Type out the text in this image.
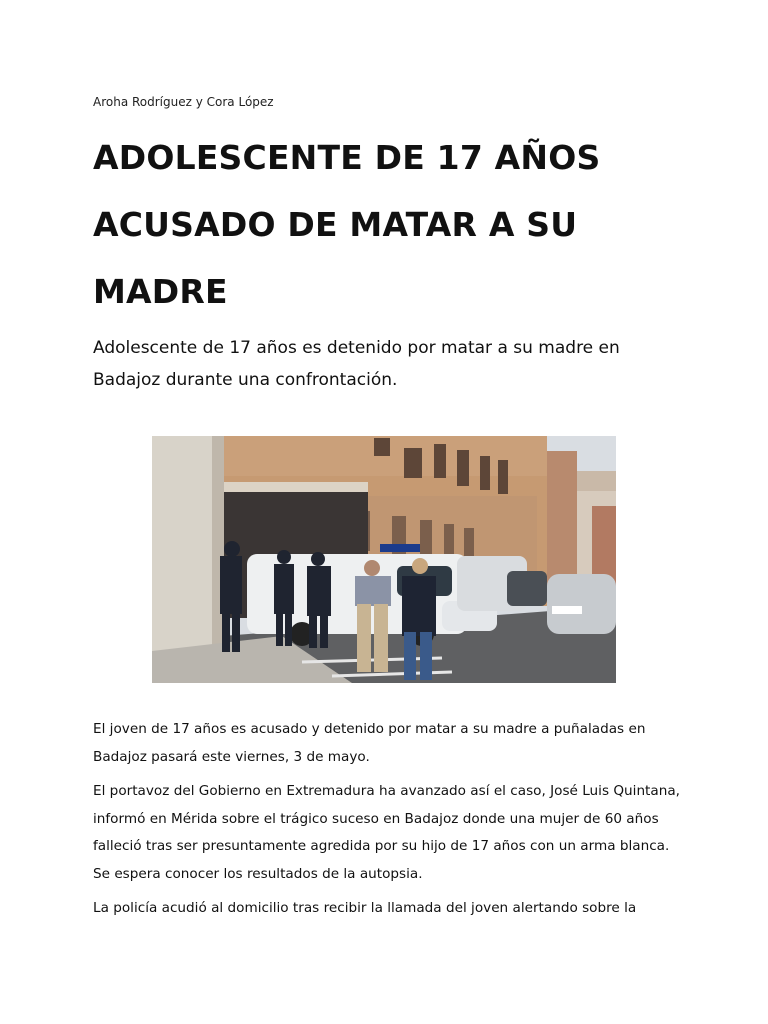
Aroha Rodríguez y Cora López
ADOLESCENTE DE 17 AÑOS ACUSADO DE MATAR A SU MADRE

Adolescente de 17 años es detenido por matar a su madre en Badajoz durante una confrontación.

El joven de 17 años es acusado y detenido por matar a su madre a puñaladas en Badajoz pasará este viernes, 3 de mayo.

El portavoz del Gobierno en Extremadura ha avanzado así el caso, José Luis Quintana, informó en Mérida sobre el trágico suceso en Badajoz donde una mujer de 60 años falleció tras ser presuntamente agredida por su hijo de 17 años con un arma blanca. Se espera conocer los resultados de la autopsia.

La policía acudió al domicilio tras recibir la llamada del joven alertando sobre la
